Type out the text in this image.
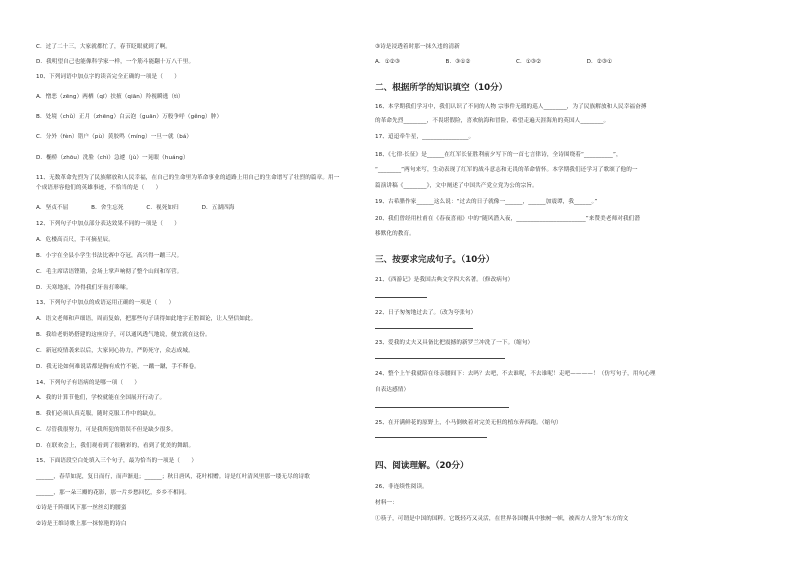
C．过了二十三，大家就都忙了，春节眨眼就到了啊。
D．我明望自己也能像科学家一样，一个筋斗能翻十万八千里。
10、下列词语中加点字的读音完全正确的一项是（　　）
A．憎恶（zēng）两栖（qī）扶掖（qiān）羚视瞬逃（tì）
B．处境（chǔ）正月（zhēng）白云泡（guān）万般争呼（gěng）肿）
C．分外（fèn）错户（pù）黄胶鸣（míng）一旦一就（bá）
D．椭桥（zhōu）洗脸（chì）急遽（jù）一晃眼（huáng）
11、无数革命先烈为了民族解放和人民幸福，在自己的生命里为革命事业的道路上用自己的生命谱写了壮烈的篇章。用一
个成语形容他们的英雄事迹，不恰当的是（　　）
A．坚贞不屈　　　　B．舍生忘死　　　　C．视死如归　　　　D．五湖四海
12、下列句子中加点部分表达效果不同的一项是（　　）
A．危楼高百尺，手可摘星辰。
B．小宇在全县小学生书法比赛中夺冠，高兴得一蹦三尺。
C．毛主席话语铿锵，会场上掌声响彻了整个山间和军营。
D．天寒地冻，冷得我们牙齿打哆嗦。
13、下列句子中加点的成语运用正确的一项是（　　）
A．语文老师和声细语，周而复始，把那些句子读得如此地字正腔圆论，让人坚信如此。
B．我给老奶奶搭建的这座房子，可以通风透气地说，便宜就在这份。
C．新冠疫情袭来以后，大家同心协力，严防死守，众志成城。
D．我无论如何难说话都是胸有成竹不能，一蹴一蹴，手不释卷。
14、下列句子有语病的是哪一项（　　）
A．我的计算节他们，学校就能在全国展开行动了。
B．我们必须认真克服，随时克服工作中的缺点。
C．尽管我很努力，可是我所犯的错误不但是缺少很多。
D．在联欢会上，我们观看到了很精彩的，看到了优美的舞蹈。
15、下面语段空白处填入三个句子，最为恰当的一项是（　　）
______，春草如泥，复日而行，而声渐退；______；秋日唐风，花叶相赠。诗是红叶清风里那一缕无尽的诗歌
______，那一朵三瓣的花影，那一片乡愁回忆，乡乡不相同。
①诗是千阵细风下那一丝丝幻的腰蛮
②诗是王维诗歌上那一抹惊艳的诗白
二、根据所学的知识填空（10分）
三、按要求完成句子。（10分）
四、阅读理解。（20分）
③诗是浸透着时那一抹久违的清新
A．①②③　　　　　　　　B．③①②　　　　　　　　C．①③②　　　　　　　　D．②③①
16、本学期我们学习中，我们认识了不同的人物 宗事件无瑕的巡人________，为了民族解放和人民幸福奋搏
的革命先烈________，不畏堪假险，喜欢航海和冒险，希望走遍天涯海角的英国人________。
17、迢迢牵牛星，________________。
18、《七律·长征》是______在红军长征胜利前夕写下的一首七言律诗，全诗围绕着“__________”，
“________”两句来写，生动表现了红军的战斗意志和无畏的革命情怀。本学期我们还学习了歌颂了他的一
篇演讲稿《________》，文中阐述了中国共产党立党为公的宗旨。
19、古希腊作家______这么说：“过去的日子就像一______，______加震谭，我______。”
20、我们曾经用杜甫在《春夜喜雨》中的“随风潜入夜，________________________”来赞美老师对我们潜
移默化的教育。
21、《西游记》是我国古典文学四大名著。（修改病句）
22、日子匆匆地过去了。（改为夸张句）
23、爱我的丈夫又具备比把震撼的新罗兰冲洗了一下。（缩句）
24、整个上午我就陪在母亲腰间下：去吗？去吧，不去谁呢，不去谁呢！走吧————！（仿写句子，用句心理
自表达感情）
25、在开满鲜花的原野上，小马倒映着对完美无但的植东奔西跑。（缩句）
26、非连续性阅读。
材料一：
①筷子，可谓是中国的国粹。它既轻巧又灵活，在世界各国餐具中独树一帜，被西方人誉为“东方的文
